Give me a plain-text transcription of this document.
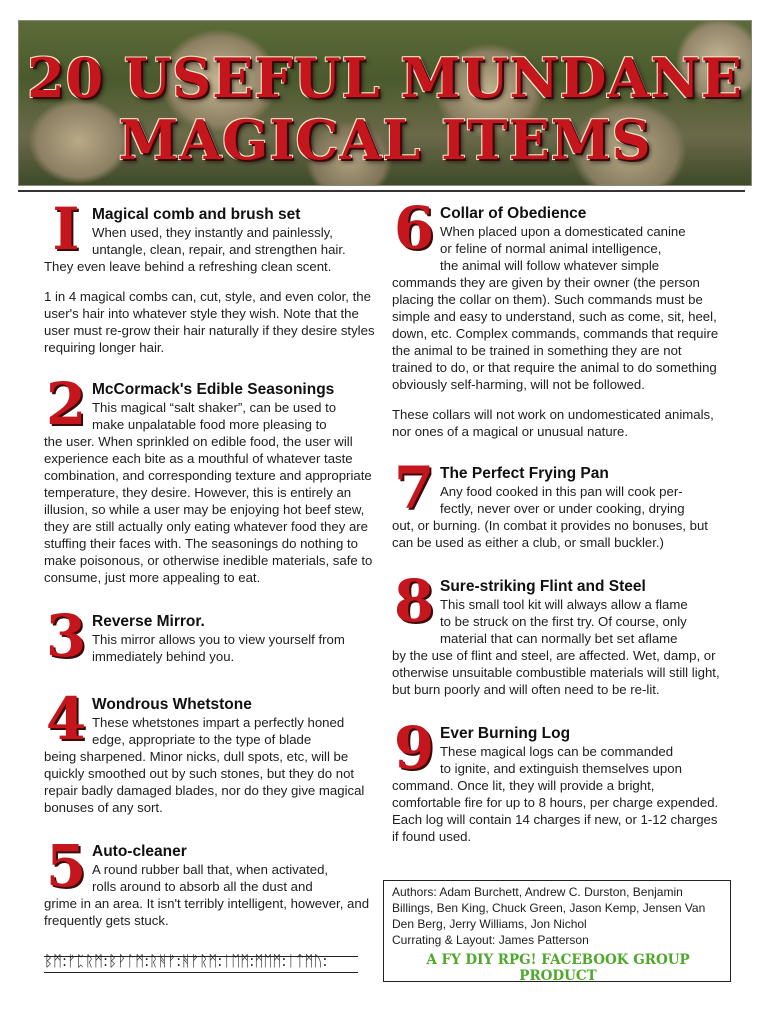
20 USEFUL MUNDANE
MAGICAL ITEMS
I Magical comb and brush set
When used, they instantly and painlessly,
untangle, clean, repair, and strengthen hair.
They even leave behind a refreshing clean scent.

1 in 4 magical combs can, cut, style, and even color, the user's hair into whatever style they wish. Note that the user must re-grow their hair naturally if they desire styles requiring longer hair.

2 McCormack's Edible Seasonings
This magical “salt shaker”, can be used to
make unpalatable food more pleasing to
the user. When sprinkled on edible food, the user will experience each bite as a mouthful of whatever taste combination, and corresponding texture and appropriate temperature, they desire. However, this is entirely an illusion, so while a user may be enjoying hot beef stew, they are still actually only eating whatever food they are stuffing their faces with. The seasonings do nothing to make poisonous, or otherwise inedible materials, safe to consume, just more appealing to eat.
3 Reverse Mirror.
This mirror allows you to view yourself from
immediately behind you.
4 Wondrous Whetstone
These whetstones impart a perfectly honed
edge, appropriate to the type of blade
being sharpened. Minor nicks, dull spots, etc, will be quickly smoothed out by such stones, but they do not repair badly damaged blades, nor do they give magical bonuses of any sort.
5 Auto-cleaner
A round rubber ball that, when activated,
rolls around to absorb all the dust and
grime in an area. It isn't terribly intelligent, however, and frequently gets stuck.
6 Collar of Obedience
When placed upon a domesticated canine
or feline of normal animal intelligence,
the animal will follow whatever simple
commands they are given by their owner (the person placing the collar on them). Such commands must be simple and easy to understand, such as come, sit, heel, down, etc. Complex commands, commands that require the animal to be trained in something they are not trained to do, or that require the animal to do something obviously self-harming, will not be followed.

These collars will not work on undomesticated animals, nor ones of a magical or unusual nature.

7 The Perfect Frying Pan
Any food cooked in this pan will cook per-
fectly, never over or under cooking, drying
out, or burning. (In combat it provides no bonuses, but can be used as either a club, or small buckler.)
8 Sure-striking Flint and Steel
This small tool kit will always allow a flame
to be struck on the first try. Of course, only
material that can normally bet set aflame
by the use of flint and steel, are affected. Wet, damp, or otherwise unsuitable combustible materials will still light, but burn poorly and will often need to be re-lit.
9 Ever Burning Log
These magical logs can be commanded
to ignite, and extinguish themselves upon
command. Once lit, they will provide a bright, comfortable fire for up to 8 hours, per charge expended. Each log will contain 14 charges if new, or 1-12 charges if found used.
Authors: Adam Burchett, Andrew C. Durston, Benjamin Billings, Ben King, Chuck Green, Jason Kemp, Jensen Van Den Berg, Jerry Williams, Jon Nichol
Currating & Layout: James Patterson
A FY DIY RPG! FACEBOOK GROUP PRODUCT
ᛒᛗ:ᚠᛈᚱᛗ:ᛒᚹᛚᛗ:ᚱᚻᚠ:ᚻᚠᚱᛗ:ᛁᛖᛗ:ᛗᛖᛗ:ᛁᛏᛗᚢ:
